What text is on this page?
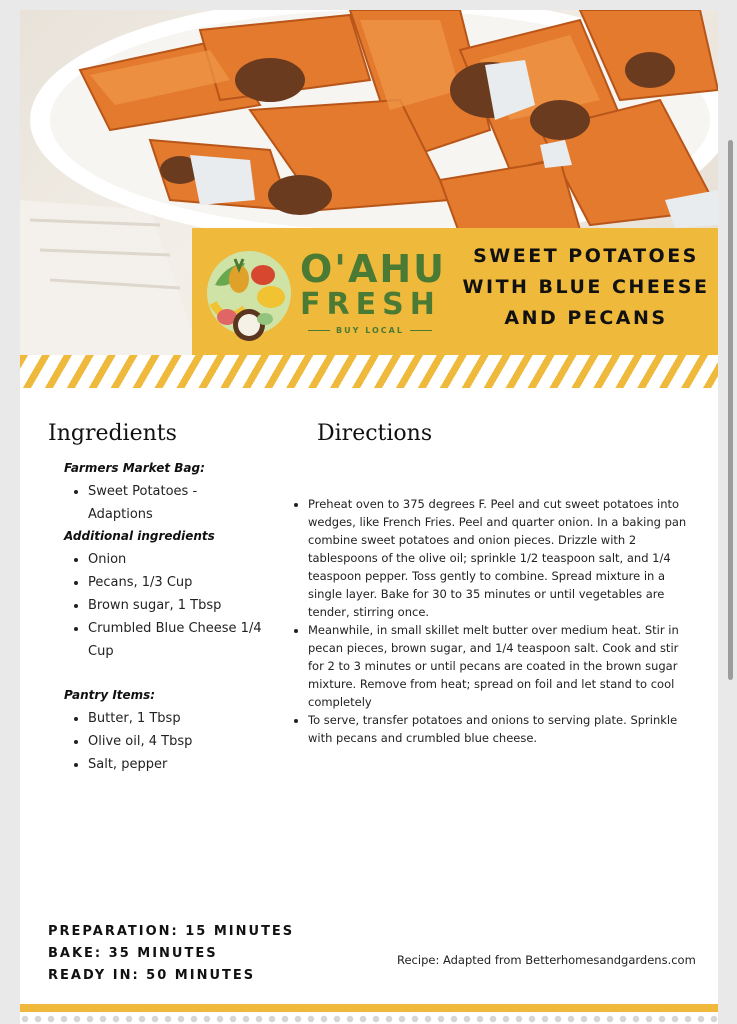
O'AHU
FRESH
BUY LOCAL
SWEET POTATOES
WITH BLUE CHEESE
AND PECANS
Ingredients	Directions
Farmers Market Bag:
Sweet Potatoes - Adaptions
Additional ingredients
Onion
Pecans, 1/3 Cup
Brown sugar, 1 Tbsp
Crumbled Blue Cheese 1/4 Cup
Pantry Items:
Butter, 1 Tbsp
Olive oil, 4 Tbsp
Salt, pepper
Preheat oven to 375 degrees F. Peel and cut sweet potatoes into wedges, like French Fries. Peel and quarter onion. In a baking pan combine sweet potatoes and onion pieces. Drizzle with 2 tablespoons of the olive oil; sprinkle 1/2 teaspoon salt, and 1/4 teaspoon pepper. Toss gently to combine. Spread mixture in a single layer. Bake for 30 to 35 minutes or until vegetables are tender, stirring once.
Meanwhile, in small skillet melt butter over medium heat. Stir in pecan pieces, brown sugar, and 1/4 teaspoon salt. Cook and stir for 2 to 3 minutes or until pecans are coated in the brown sugar mixture. Remove from heat; spread on foil and let stand to cool completely
To serve, transfer potatoes and onions to serving plate. Sprinkle with pecans and crumbled blue cheese.
PREPARATION: 15 MINUTES
BAKE: 35 MINUTES
READY IN: 50 MINUTES
Recipe: Adapted from Betterhomesandgardens.com
